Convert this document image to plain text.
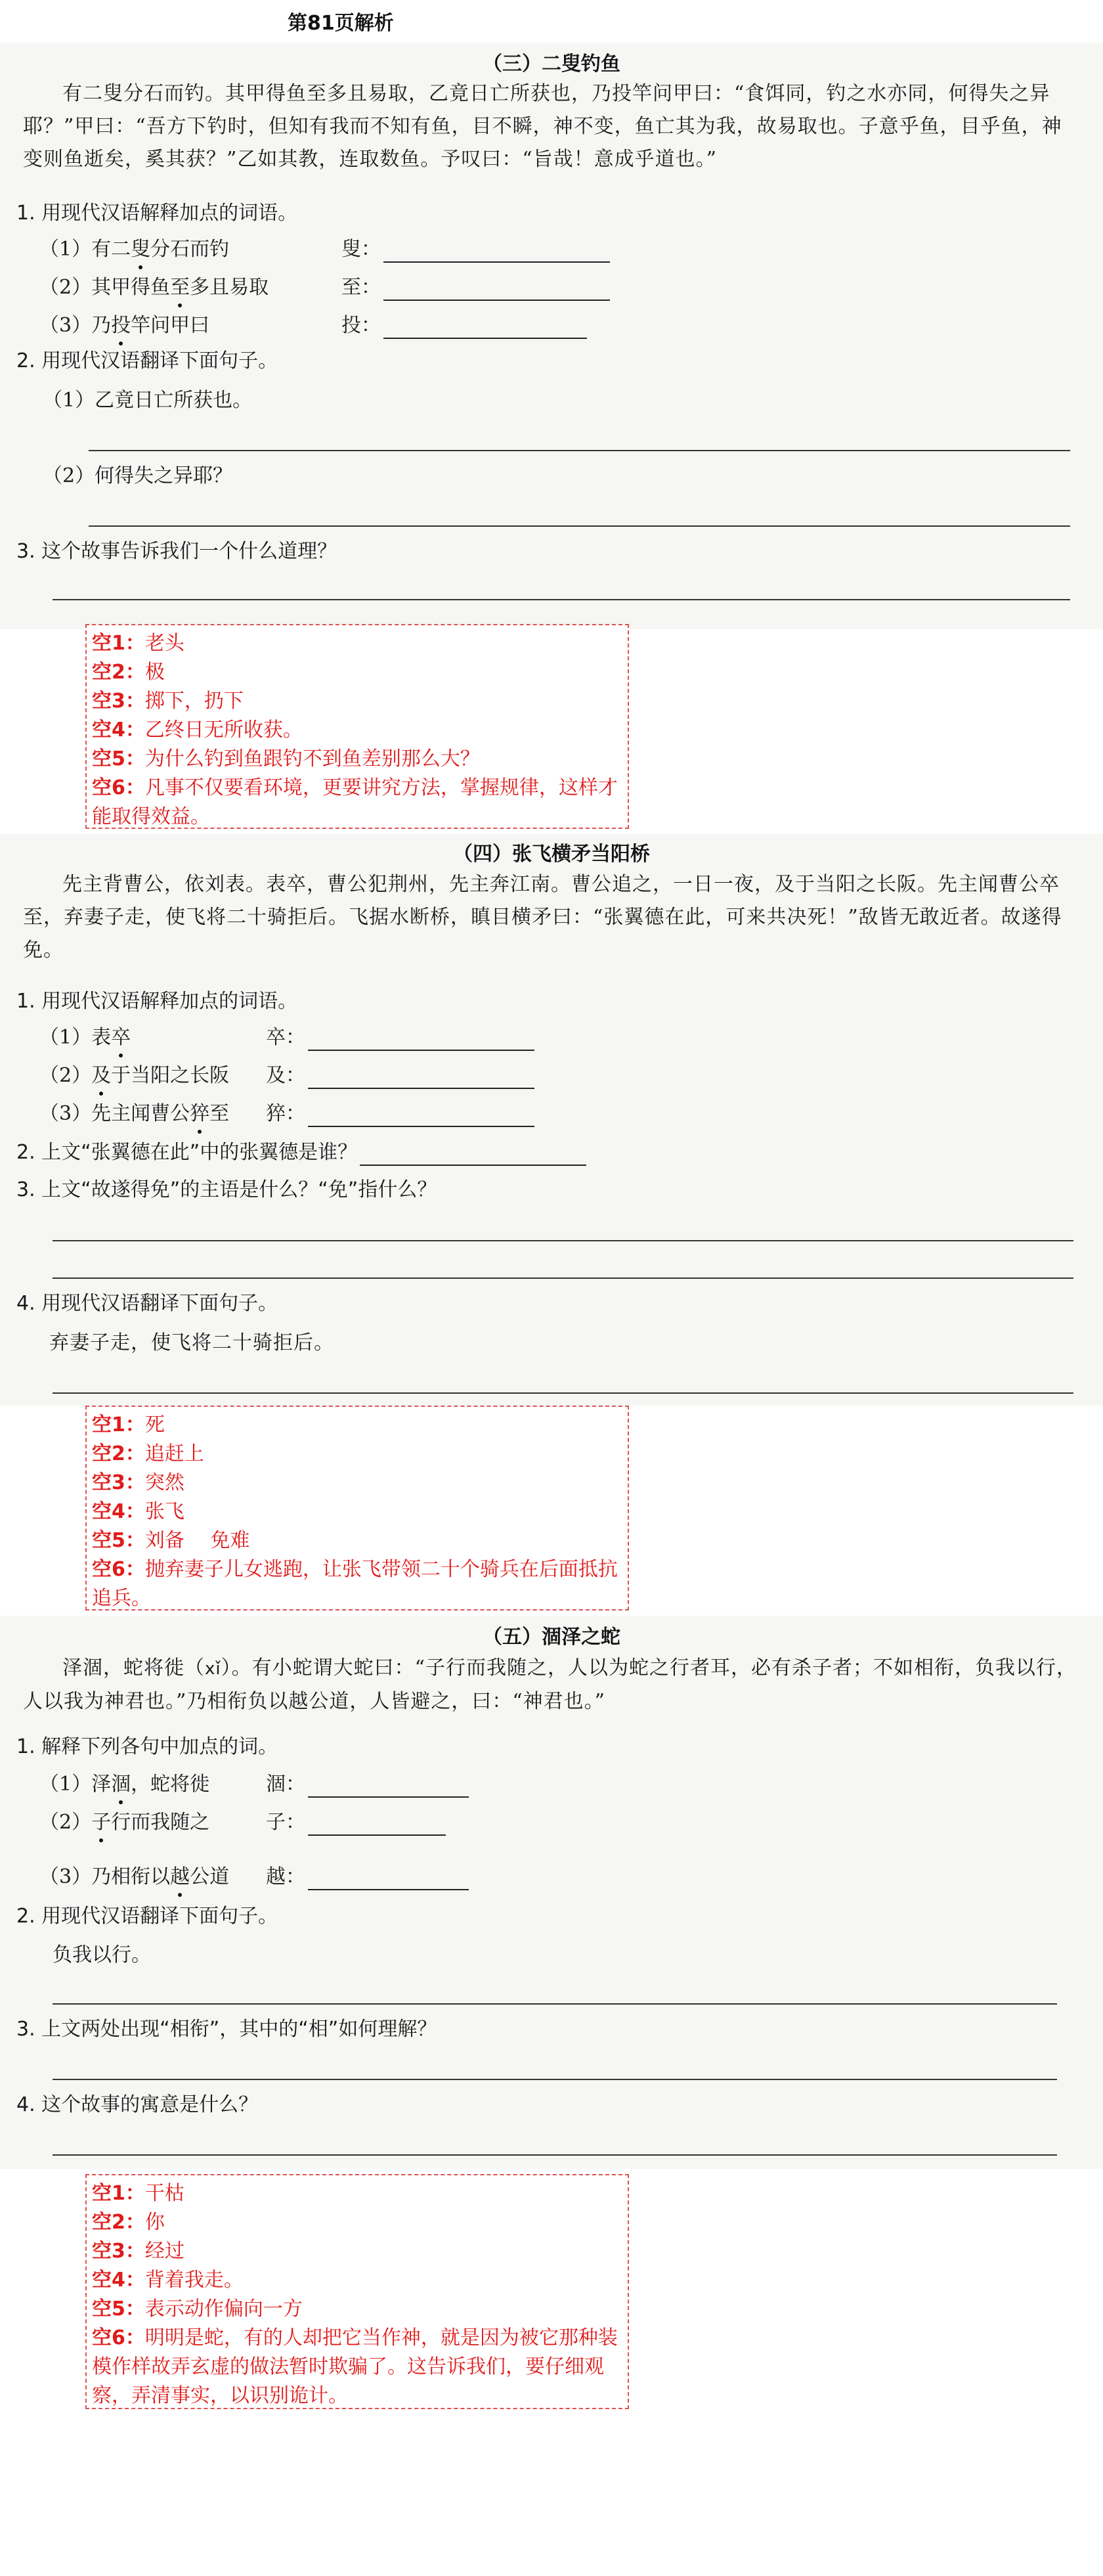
第81页解析
（三）二叟钓鱼

有二叟分石而钓。其甲得鱼至多且易取，乙竟日亡所获也，乃投竿问甲曰：“食饵同，钓之水亦同，何得失之异耶？”甲曰：“吾方下钓时，但知有我而不知有鱼，目不瞬，神不变，鱼亡其为我，故易取也。子意乎鱼，目乎鱼，神变则鱼逝矣，奚其获？”乙如其教，连取数鱼。予叹曰：“旨哉！意成乎道也。”

1. 用现代汉语解释加点的词语。
（1）有二叟分石而钓	叟：
（2）其甲得鱼至多且易取	至：
（3）乃投竿问甲曰	投：
2. 用现代汉语翻译下面句子。
（1）乙竟日亡所获也。
（2）何得失之异耶？
3. 这个故事告诉我们一个什么道理？

空1：老头

空2：极

空3：掷下，扔下

空4：乙终日无所收获。

空5：为什么钓到鱼跟钓不到鱼差别那么大？

空6：凡事不仅要看环境，更要讲究方法，掌握规律，这样才能取得效益。

（四）张飞横矛当阳桥

先主背曹公，依刘表。表卒，曹公犯荆州，先主奔江南。曹公追之，一日一夜，及于当阳之长阪。先主闻曹公卒至，弃妻子走，使飞将二十骑拒后。飞据水断桥，瞋目横矛曰：“张翼德在此，可来共决死！”敌皆无敢近者。故遂得免。

1. 用现代汉语解释加点的词语。
（1）表卒	卒：
（2）及于当阳之长阪 及：
（3）先主闻曹公猝至 猝：
2. 上文“张翼德在此”中的张翼德是谁？
3. 上文“故遂得免”的主语是什么？“免”指什么？
4. 用现代汉语翻译下面句子。
弃妻子走，使飞将二十骑拒后。

空1：死

空2：追赶上

空3：突然

空4：张飞

空5：刘备　 免难

空6：抛弃妻子儿女逃跑，让张飞带领二十个骑兵在后面抵抗追兵。

（五）涸泽之蛇

泽涸，蛇将徙（xǐ）。有小蛇谓大蛇曰：“子行而我随之，人以为蛇之行者耳，必有杀子者；不如相衔，负我以行，人以我为神君也。”乃相衔负以越公道，人皆避之，曰：“神君也。”

1. 解释下列各句中加点的词。
（1）泽涸，蛇将徙	涸：
（2）子行而我随之	子：
（3）乃相衔以越公道 越：
2. 用现代汉语翻译下面句子。
负我以行。
3. 上文两处出现“相衔”，其中的“相”如何理解？
4. 这个故事的寓意是什么？

空1：干枯

空2：你

空3：经过

空4：背着我走。

空5：表示动作偏向一方

空6：明明是蛇，有的人却把它当作神，就是因为被它那种装模作样故弄玄虚的做法暂时欺骗了。这告诉我们，要仔细观察，弄清事实，以识别诡计。
